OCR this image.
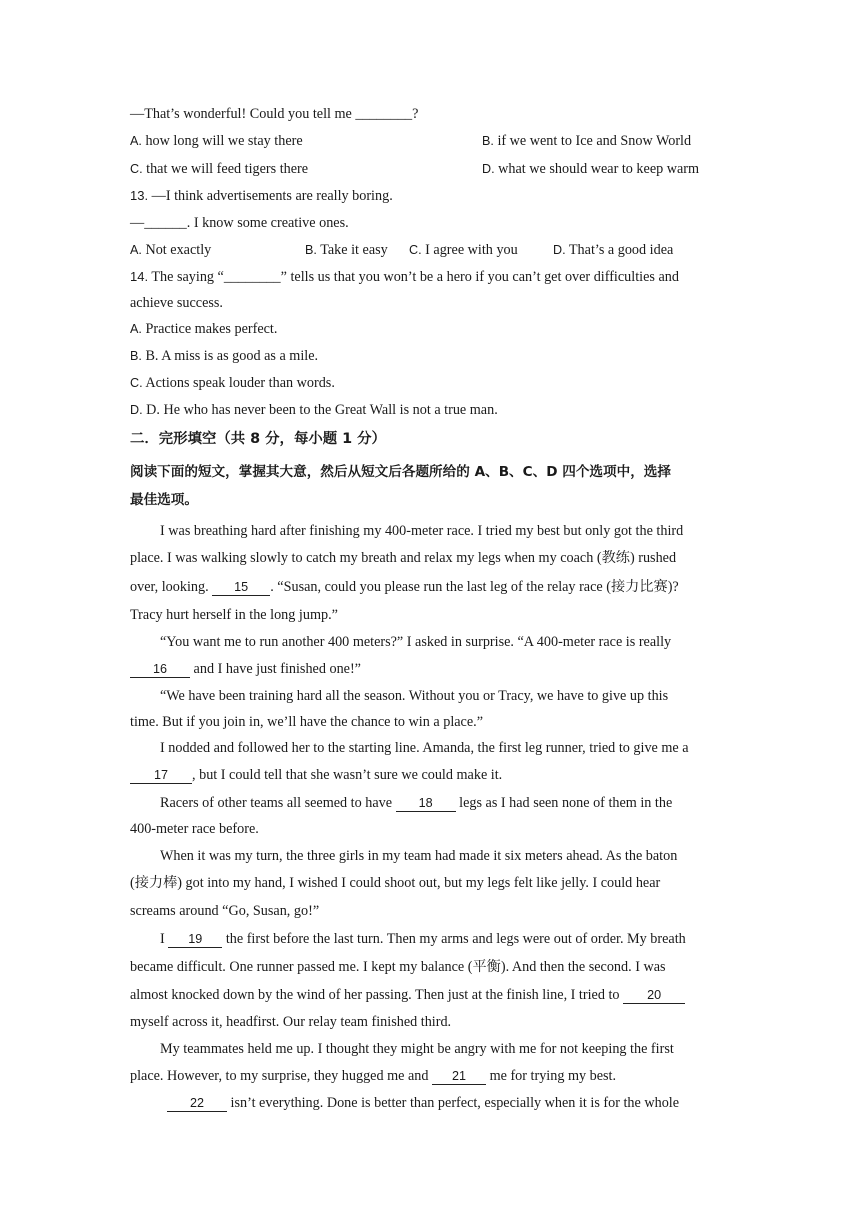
—That’s wonderful! Could you tell me ________?
A. how long will we stay there	B. if we went to Ice and Snow World
C. that we will feed tigers there	D. what we should wear to keep warm
13. —I think advertisements are really boring.
—______. I know some creative ones.
A. Not exactly	B. Take it easy C. I agree with you	D. That’s a good idea
14. The saying “________” tells us that you won’t be a hero if you can’t get over difficulties and
achieve success.
A. Practice makes perfect.
B. B. A miss is as good as a mile.
C. Actions speak louder than words.
D. D. He who has never been to the Great Wall is not a true man.
二．完形填空（共 8 分，每小题 1 分）
阅读下面的短文，掌握其大意，然后从短文后各题所给的 A、B、C、D 四个选项中，选择
最佳选项。
I was breathing hard after finishing my 400-meter race. I tried my best but only got the third
place. I was walking slowly to catch my breath and relax my legs when my coach (教练) rushed
over, looking. 15 . “Susan, could you please run the last leg of the relay race (接力比赛)?
Tracy hurt herself in the long jump.”
“You want me to run another 400 meters?” I asked in surprise. “A 400-meter race is really
16 and I have just finished one!”
“We have been training hard all the season. Without you or Tracy, we have to give up this
time. But if you join in, we’ll have the chance to win a place.”
I nodded and followed her to the starting line. Amanda, the first leg runner, tried to give me a
17 , but I could tell that she wasn’t sure we could make it.
Racers of other teams all seemed to have 18 legs as I had seen none of them in the
400-meter race before.
When it was my turn, the three girls in my team had made it six meters ahead. As the baton
(接力棒) got into my hand, I wished I could shoot out, but my legs felt like jelly. I could hear
screams around “Go, Susan, go!”
I 19 the first before the last turn. Then my arms and legs were out of order. My breath
became difficult. One runner passed me. I kept my balance (平衡). And then the second. I was
almost knocked down by the wind of her passing. Then just at the finish line, I tried to 20
myself across it, headfirst. Our relay team finished third.
My teammates held me up. I thought they might be angry with me for not keeping the first
place. However, to my surprise, they hugged me and 21 me for trying my best.
22 isn’t everything. Done is better than perfect, especially when it is for the whole
